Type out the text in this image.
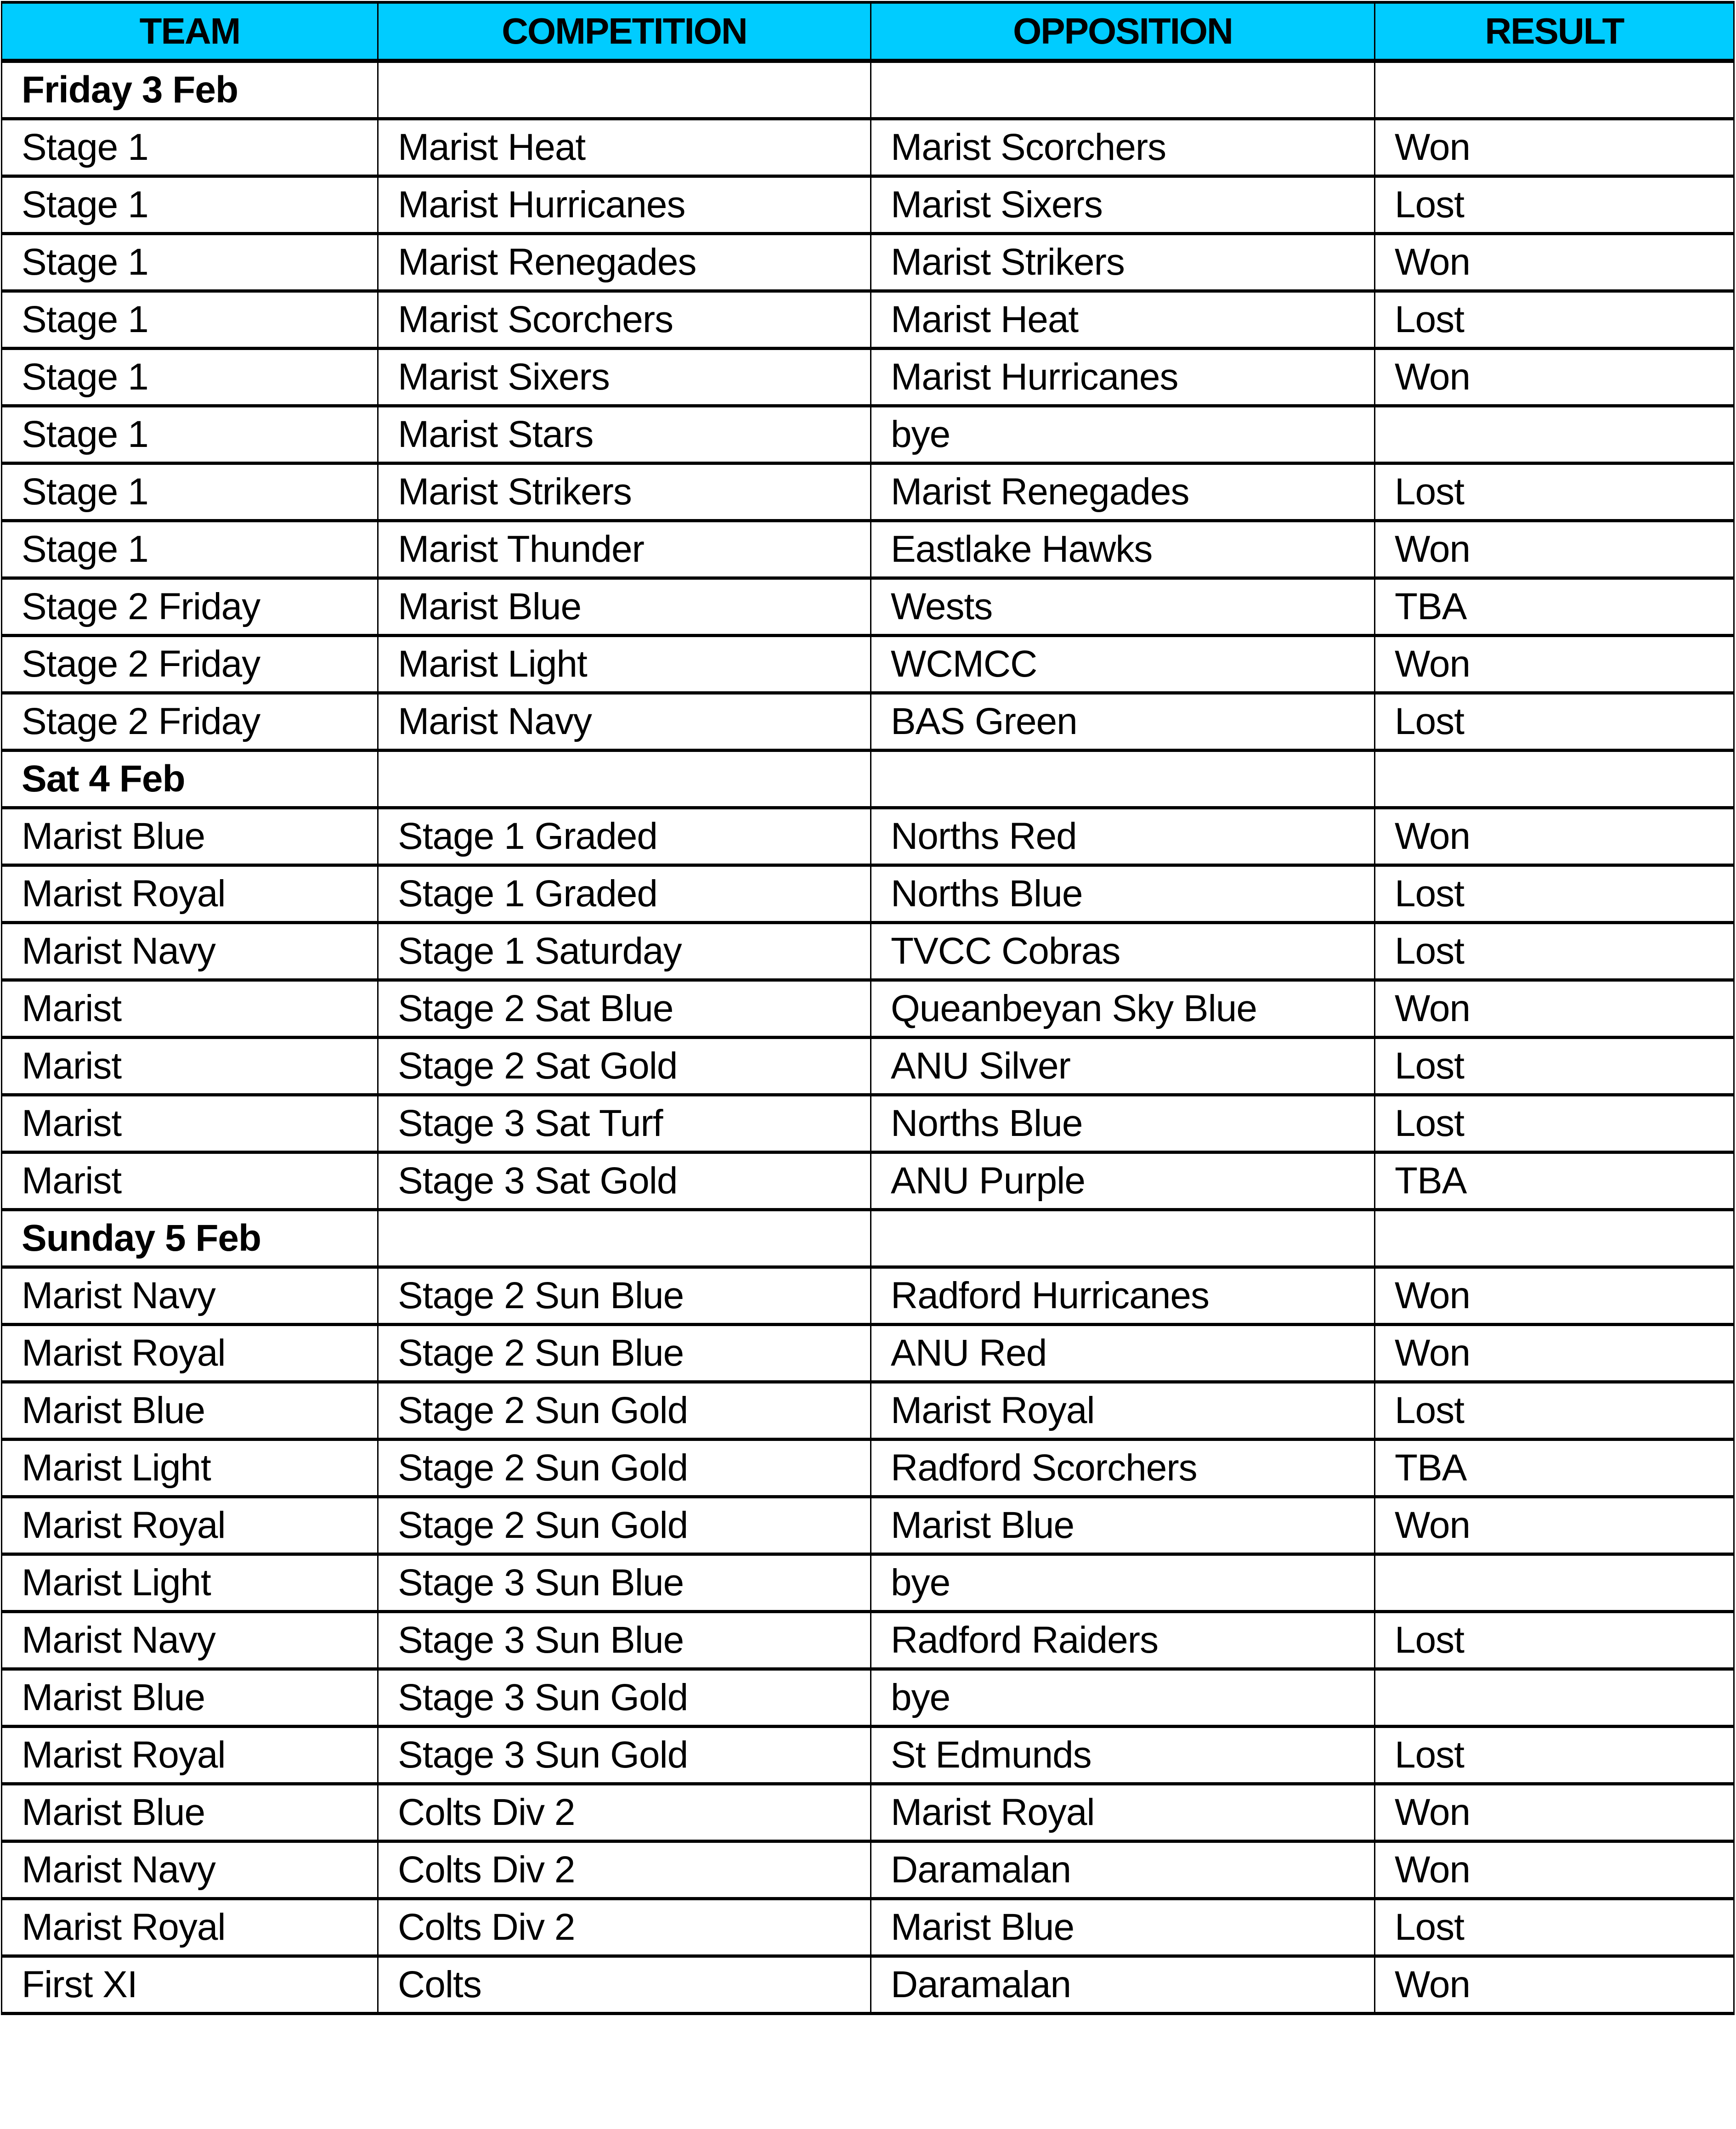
TEAM	COMPETITION	OPPOSITION	RESULT
Friday 3 Feb			
Stage 1	Marist Heat	Marist Scorchers	Won
Stage 1	Marist Hurricanes	Marist Sixers	Lost
Stage 1	Marist Renegades	Marist Strikers	Won
Stage 1	Marist Scorchers	Marist Heat	Lost
Stage 1	Marist Sixers	Marist Hurricanes	Won
Stage 1	Marist Stars	bye	
Stage 1	Marist Strikers	Marist Renegades	Lost
Stage 1	Marist Thunder	Eastlake Hawks	Won
Stage 2 Friday	Marist Blue	Wests	TBA
Stage 2 Friday	Marist Light	WCMCC	Won
Stage 2 Friday	Marist Navy	BAS Green	Lost
Sat 4 Feb			
Marist Blue	Stage 1 Graded	Norths Red	Won
Marist Royal	Stage 1 Graded	Norths Blue	Lost
Marist Navy	Stage 1 Saturday	TVCC Cobras	Lost
Marist	Stage 2 Sat Blue	Queanbeyan Sky Blue	Won
Marist	Stage 2 Sat Gold	ANU Silver	Lost
Marist	Stage 3 Sat Turf	Norths Blue	Lost
Marist	Stage 3 Sat Gold	ANU Purple	TBA
Sunday 5 Feb			
Marist Navy	Stage 2 Sun Blue	Radford Hurricanes	Won
Marist Royal	Stage 2 Sun Blue	ANU Red	Won
Marist Blue	Stage 2 Sun Gold	Marist Royal	Lost
Marist Light	Stage 2 Sun Gold	Radford Scorchers	TBA
Marist Royal	Stage 2 Sun Gold	Marist Blue	Won
Marist Light	Stage 3 Sun Blue	bye	
Marist Navy	Stage 3 Sun Blue	Radford Raiders	Lost
Marist Blue	Stage 3 Sun Gold	bye	
Marist Royal	Stage 3 Sun Gold	St Edmunds	Lost
Marist Blue	Colts Div 2	Marist Royal	Won
Marist Navy	Colts Div 2	Daramalan	Won
Marist Royal	Colts Div 2	Marist Blue	Lost
First XI	Colts	Daramalan	Won
